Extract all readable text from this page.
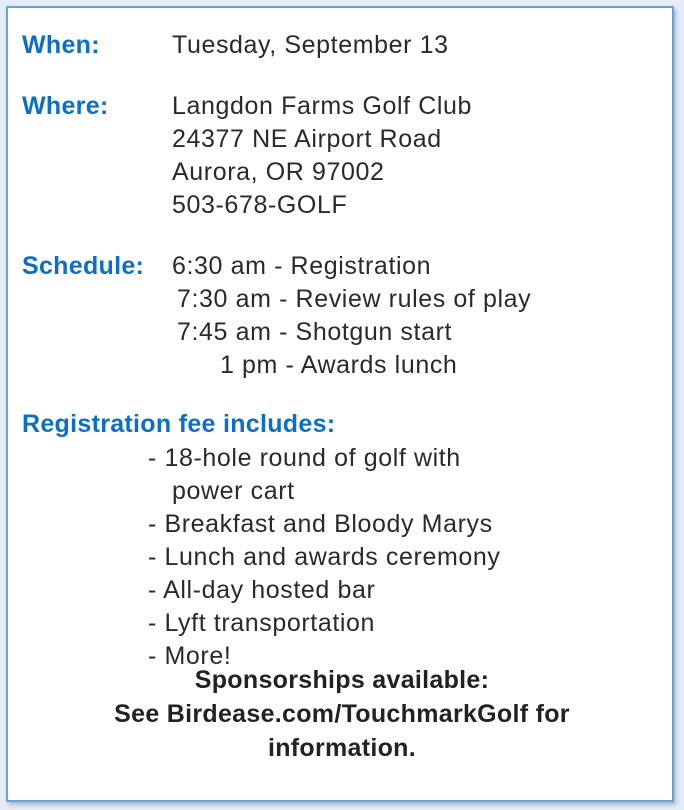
When:	Tuesday, September 13
Where:	Langdon Farms Golf Club
24377 NE Airport Road
Aurora, OR 97002
503-678-GOLF
Schedule: 6:30 am - Registration
7:30 am - Review rules of play
7:45 am - Shotgun start
1 pm - Awards lunch
Registration fee includes:
- 18-hole round of golf with
power cart
- Breakfast and Bloody Marys
- Lunch and awards ceremony
- All-day hosted bar
- Lyft transportation
- More!
Sponsorships available:
See Birdease.com/TouchmarkGolf for
information.
